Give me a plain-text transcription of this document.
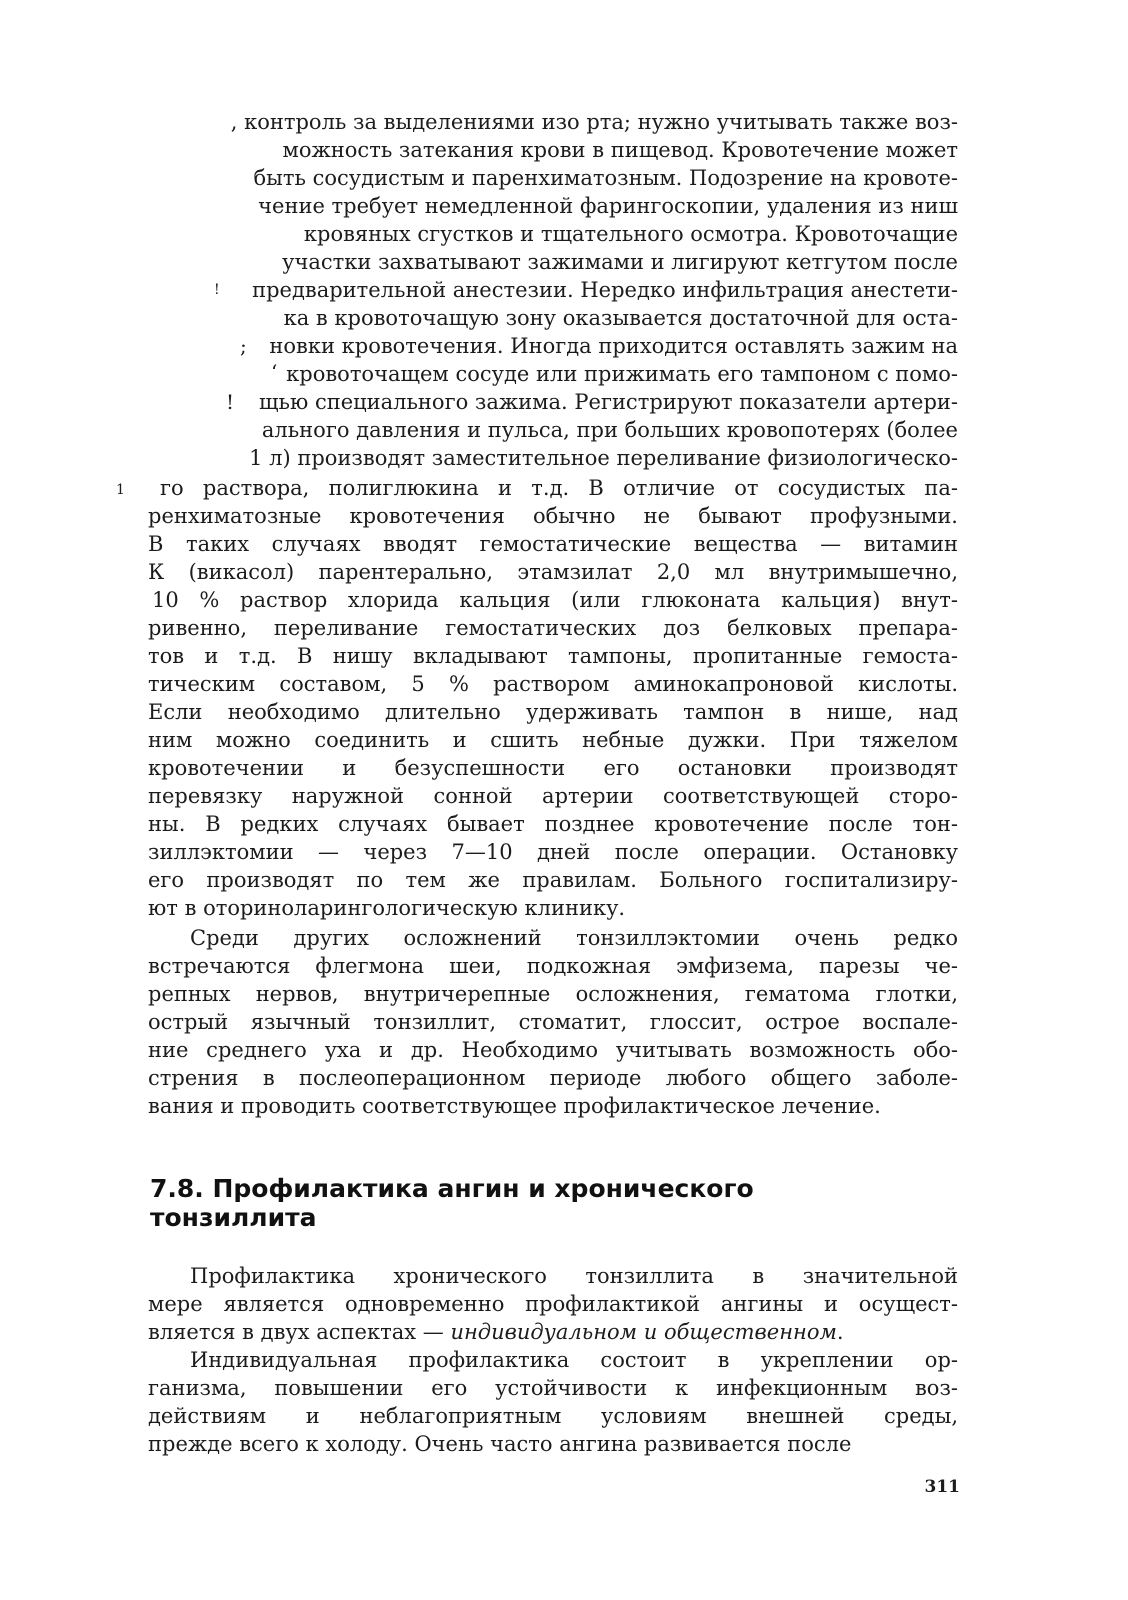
, контроль за выделениями изо рта; нужно учитывать также воз-
можность затекания крови в пищевод. Кровотечение может
быть сосудистым и паренхиматозным. Подозрение на кровоте-
чение требует немедленной фарингоскопии, удаления из ниш
кровяных сгустков и тщательного осмотра. Кровоточащие
участки захватывают зажимами и лигируют кетгутом после
предварительной анестезии. Нередко инфильтрация анестети-
ка в кровоточащую зону оказывается достаточной для оста-
новки кровотечения. Иногда приходится оставлять зажим на
кровоточащем сосуде или прижимать его тампоном с помо-
щью специального зажима. Регистрируют показатели артери-
ального давления и пульса, при больших кровопотерях (более
1 л) производят заместительное переливание физиологическо-
!
;
‘
!
1 го раствора, полиглюкина и т.д. В отличие от сосудистых па-
ренхиматозные кровотечения обычно не бывают профузными.
В таких случаях вводят гемостатические вещества — витамин
К (викасол) парентерально, этамзилат 2,0 мл внутримышечно,
10 % раствор хлорида кальция (или глюконата кальция) внут-
ривенно, переливание гемостатических доз белковых препара-
тов и т.д. В нишу вкладывают тампоны, пропитанные гемоста-
тическим составом, 5 % раствором аминокапроновой кислоты.
Если необходимо длительно удерживать тампон в нише, над
ним можно соединить и сшить небные дужки. При тяжелом
кровотечении и безуспешности его остановки производят
перевязку наружной сонной артерии соответствующей сторо-
ны. В редких случаях бывает позднее кровотечение после тон-
зиллэктомии — через 7—10 дней после операции. Остановку
его производят по тем же правилам. Больного госпитализиру-
ют в оториноларингологическую клинику.
Среди других осложнений тонзиллэктомии очень редко
встречаются флегмона шеи, подкожная эмфизема, парезы че-
репных нервов, внутричерепные осложнения, гематома глотки,
острый язычный тонзиллит, стоматит, глоссит, острое воспале-
ние среднего уха и др. Необходимо учитывать возможность обо-
стрения в послеоперационном периоде любого общего заболе-
вания и проводить соответствующее профилактическое лечение.
7.8. Профилактика ангин и хронического
тонзиллита
Профилактика хронического тонзиллита в значительной
мере является одновременно профилактикой ангины и осущест-
вляется в двух аспектах — индивидуальном и общественном.
Индивидуальная профилактика состоит в укреплении ор-
ганизма, повышении его устойчивости к инфекционным воз-
действиям и неблагоприятным условиям внешней среды,
прежде всего к холоду. Очень часто ангина развивается после
311
